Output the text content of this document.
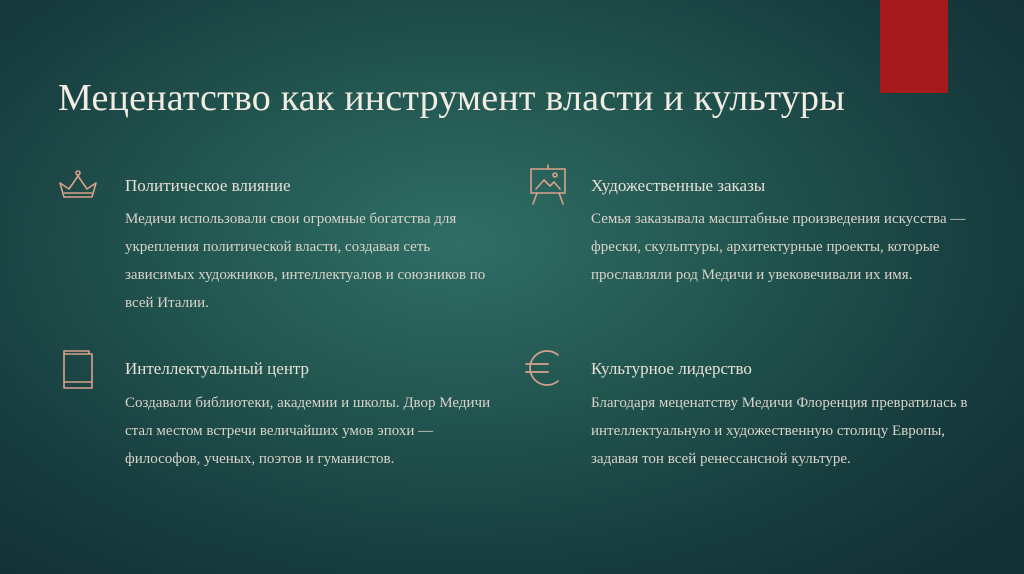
Меценатство как инструмент власти и культуры
Политическое влияние

Медичи использовали свои огромные богатства для укрепления политической власти, создавая сеть зависимых художников, интеллектуалов и союзников по всей Италии.

Художественные заказы

Семья заказывала масштабные произведения искусства — фрески, скульптуры, архитектурные проекты, которые прославляли род Медичи и увековечивали их имя.

Интеллектуальный центр

Создавали библиотеки, академии и школы. Двор Медичи стал местом встречи величайших умов эпохи — философов, ученых, поэтов и гуманистов.

Культурное лидерство

Благодаря меценатству Медичи Флоренция превратилась в интеллектуальную и художественную столицу Европы, задавая тон всей ренессансной культуре.
